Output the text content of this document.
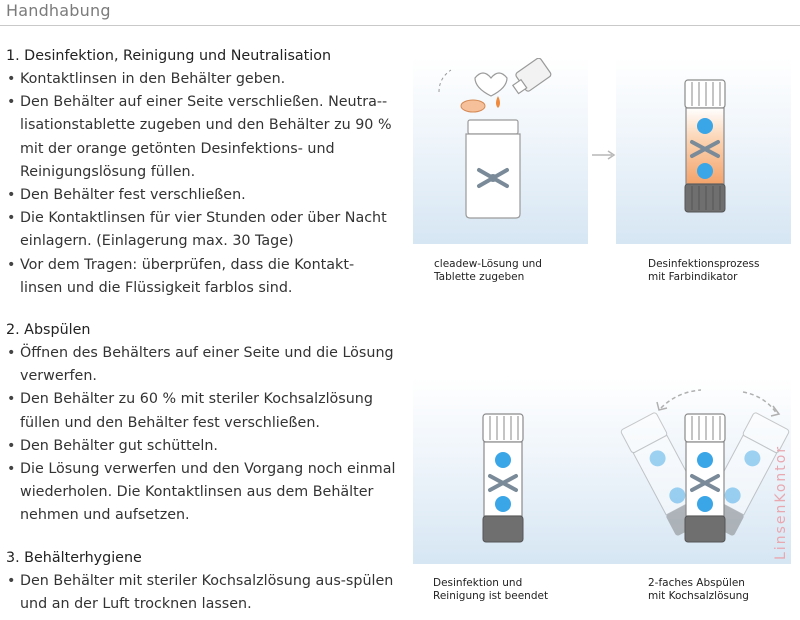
Handhabung
1. Desinfektion, Reinigung und Neutralisation
• Kontaktlinsen in den Behälter geben.
• Den Behälter auf einer Seite verschließen. Neutra-lisationstablette zugeben und den Behälter zu 90 % mit der orange getönten Desinfektions- und Reinigungslösung füllen.
• Den Behälter fest verschließen.
• Die Kontaktlinsen für vier Stunden oder über Nacht einlagern. (Einlagerung max. 30 Tage)
• Vor dem Tragen: überprüfen, dass die Kontakt-linsen und die Flüssigkeit farblos sind.
2. Abspülen
• Öffnen des Behälters auf einer Seite und die Lösung verwerfen.
• Den Behälter zu 60 % mit steriler Kochsalzlösung füllen und den Behälter fest verschließen.
• Den Behälter gut schütteln.
• Die Lösung verwerfen und den Vorgang noch einmal wiederholen. Die Kontaktlinsen aus dem Behälter nehmen und aufsetzen.
3. Behälterhygiene
• Den Behälter mit steriler Kochsalzlösung aus-spülen und an der Luft trocknen lassen.
cleadew-Lösung und
Tablette zugeben
Desinfektionsprozess
mit Farbindikator
Desinfektion und
Reinigung ist beendet
2-faches Abspülen
mit Kochsalzlösung
LinsenKontor
